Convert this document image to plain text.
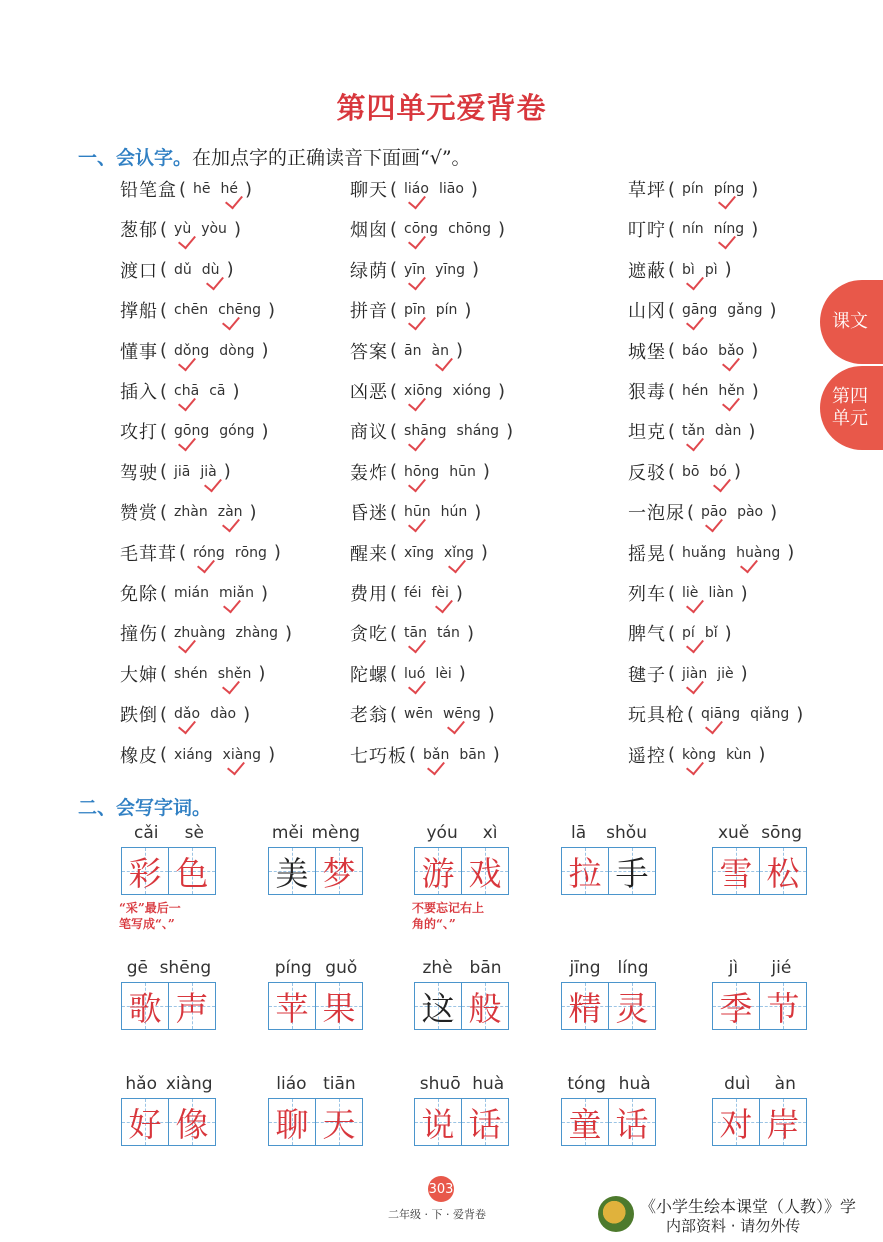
第四单元爱背卷
一、会认字。在加点字的正确读音下面画“√”。
铅笔盒 ( hē hé )	聊天 ( liáo liāo )	草坪 ( pín píng )
葱郁 ( yù yòu )	烟囱 ( cōng chōng )	叮咛 ( nín níng )
渡口 ( dǔ dù )	绿荫 ( yīn yīng )	遮蔽 ( bì pì )
撑船 ( chēn chēng )	拼音 ( pīn pín )	山冈 ( gāng gǎng )
懂事 ( dǒng dòng )	答案 ( ān àn )	城堡 ( báo bǎo )
插入 ( chā cā )	凶恶 ( xiōng xióng )	狠毒 ( hén hěn )
攻打 ( gōng góng )	商议 ( shāng sháng )	坦克 ( tǎn dàn )
驾驶 ( jiā jià )	轰炸 ( hōng hūn )	反驳 ( bō bó )
赞赏 ( zhàn zàn )	昏迷 ( hūn hún )	一泡尿 ( pāo pào )
毛茸茸 ( róng rōng )	醒来 ( xīng xǐng )	摇晃 ( huǎng huàng )
免除 ( mián miǎn )	费用 ( féi fèi )	列车 ( liè liàn )
撞伤 ( zhuàng zhàng )	贪吃 ( tān tán )	脾气 ( pí bǐ )
大婶 ( shén shěn )	陀螺 ( luó lèi )	毽子 ( jiàn jiè )
跌倒 ( dǎo dào )	老翁 ( wēn wēng )	玩具枪 ( qiāng qiǎng )
橡皮 ( xiáng xiàng )	七巧板 ( bǎn bān )	遥控 ( kòng kùn )
课文
第四
单元
二、会写字词。
cǎi sè
彩 色
“采”最后一
笔写成“、”
měi mèng
美 梦
yóu xì
游 戏
不要忘记右上
角的“、”
lā shǒu
拉 手
xuě sōng
雪 松
gē shēng
歌 声
píng guǒ
苹 果
zhè bān
这 般
jīng líng
精 灵
jì jié
季 节
hǎo xiàng
好 像
liáo tiān
聊 天
shuō huà
说 话
tóng huà
童 话
duì àn
对 岸
303
二年级 · 下 · 爱背卷	《小学生绘本课堂（人教）》学
内部资料 · 请勿外传
